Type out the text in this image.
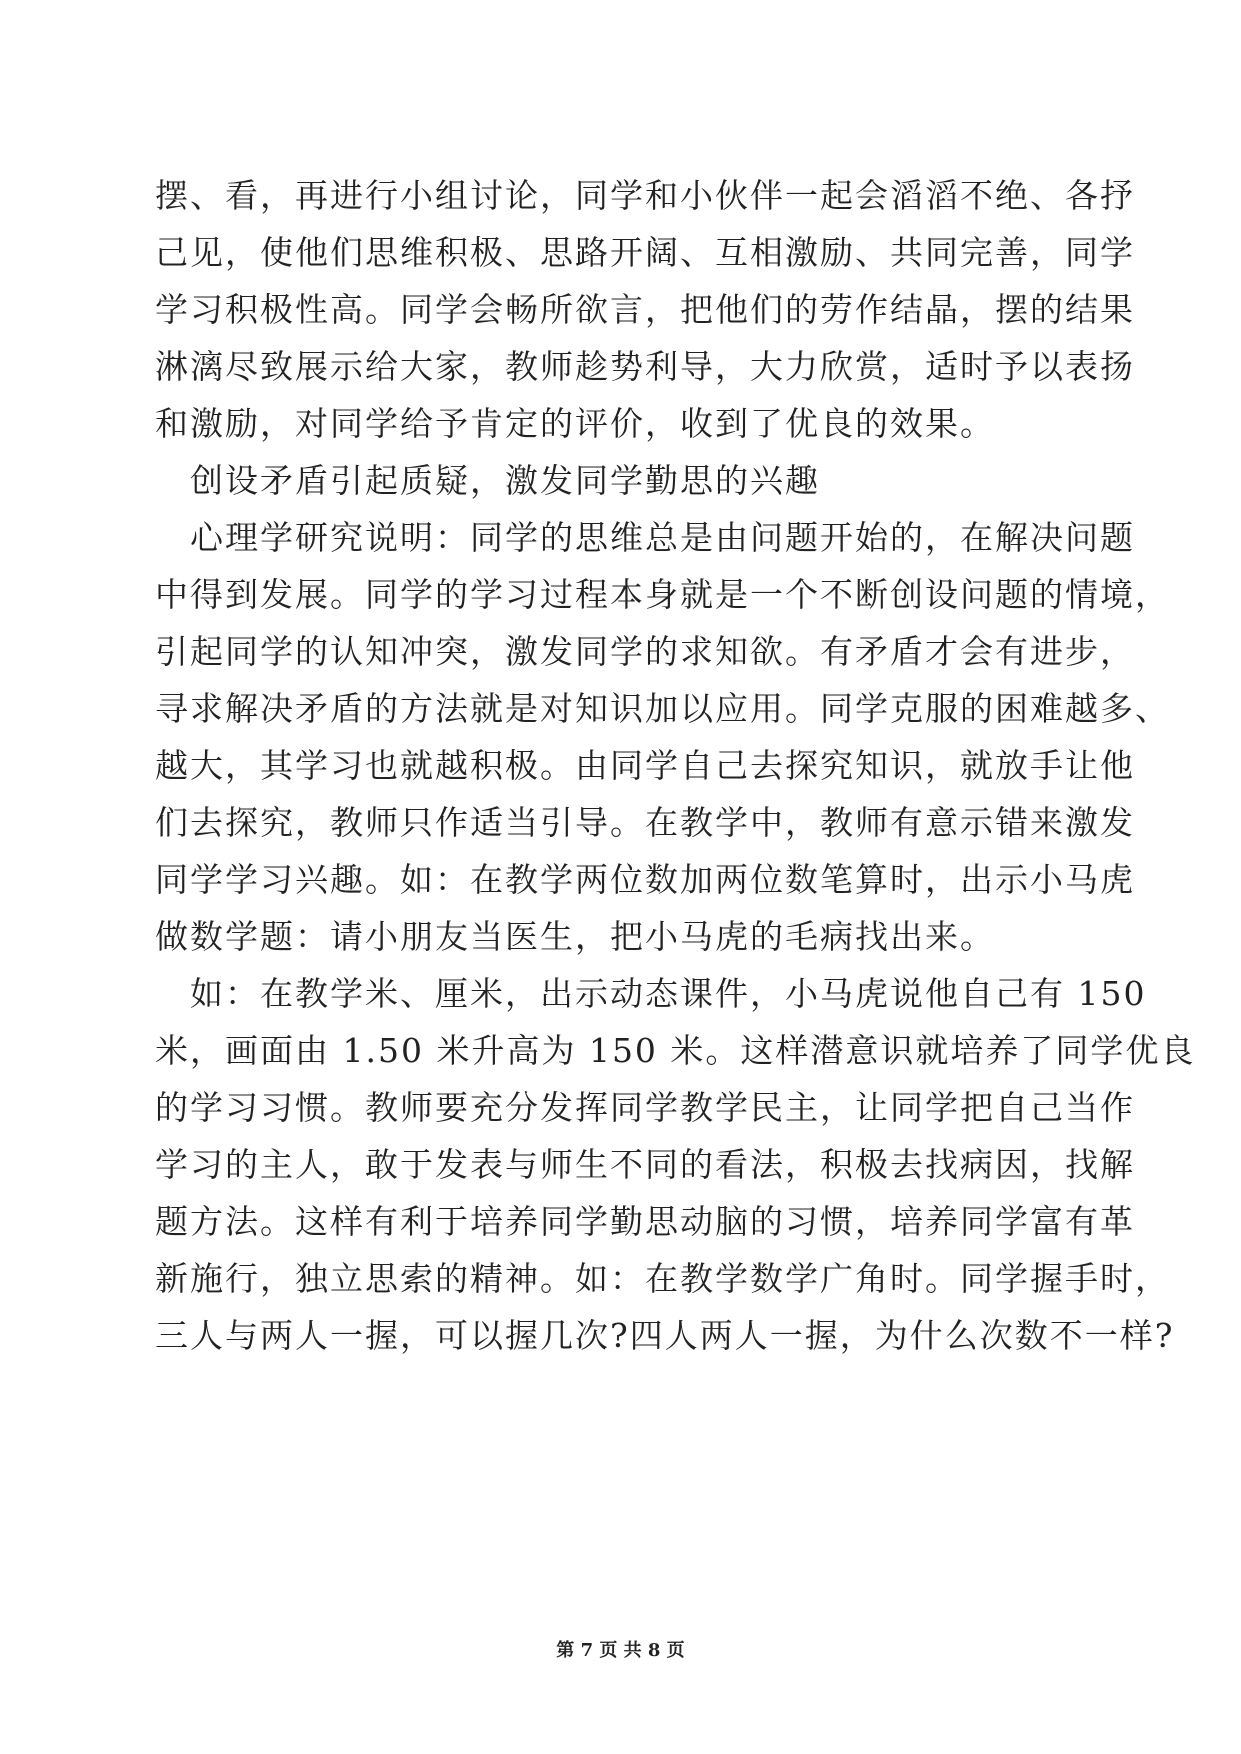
摆、看，再进行小组讨论，同学和小伙伴一起会滔滔不绝、各抒
己见，使他们思维积极、思路开阔、互相激励、共同完善，同学
学习积极性高。同学会畅所欲言，把他们的劳作结晶，摆的结果
淋漓尽致展示给大家，教师趁势利导，大力欣赏，适时予以表扬
和激励，对同学给予肯定的评价，收到了优良的效果。
　创设矛盾引起质疑，激发同学勤思的兴趣
　心理学研究说明：同学的思维总是由问题开始的，在解决问题
中得到发展。同学的学习过程本身就是一个不断创设问题的情境，
引起同学的认知冲突，激发同学的求知欲。有矛盾才会有进步，
寻求解决矛盾的方法就是对知识加以应用。同学克服的困难越多、
越大，其学习也就越积极。由同学自己去探究知识，就放手让他
们去探究，教师只作适当引导。在教学中，教师有意示错来激发
同学学习兴趣。如：在教学两位数加两位数笔算时，出示小马虎
做数学题：请小朋友当医生，把小马虎的毛病找出来。
　如：在教学米、厘米，出示动态课件，小马虎说他自己有 150
米，画面由 1.50 米升高为 150 米。这样潜意识就培养了同学优良
的学习习惯。教师要充分发挥同学教学民主，让同学把自己当作
学习的主人，敢于发表与师生不同的看法，积极去找病因，找解
题方法。这样有利于培养同学勤思动脑的习惯，培养同学富有革
新施行，独立思索的精神。如：在教学数学广角时。同学握手时，
三人与两人一握，可以握几次?四人两人一握，为什么次数不一样?
第 7 页 共 8 页
